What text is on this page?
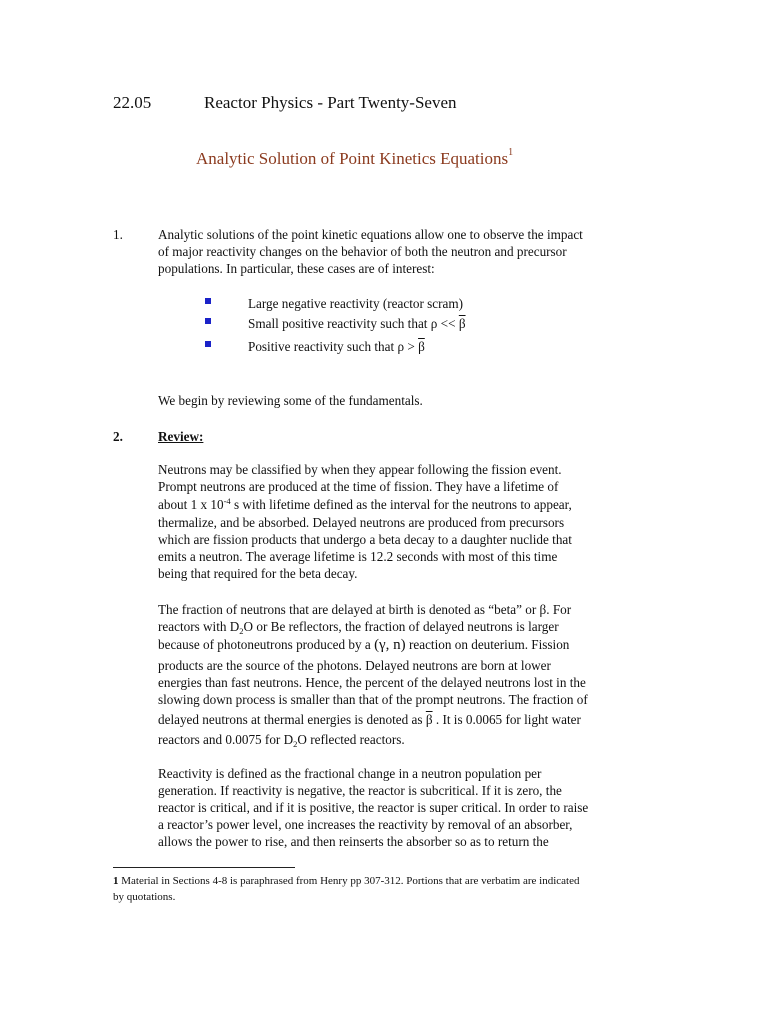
22.05	Reactor Physics - Part Twenty-Seven
Analytic Solution of Point Kinetics Equations$^1$
1.	Analytic solutions of the point kinetic equations allow one to observe the impact
of major reactivity changes on the behavior of both the neutron and precursor
populations. In particular, these cases are of interest:
Large negative reactivity (reactor scram)
Small positive reactivity such that $\rho << \overline{\beta}$
Positive reactivity such that $\rho > \overline{\beta}$
We begin by reviewing some of the fundamentals.
2.	Review:
Neutrons may be classified by when they appear following the fission event.
Prompt neutrons are produced at the time of fission. They have a lifetime of
about 1 x $10^{-4}$ s with lifetime defined as the interval for the neutrons to appear,
thermalize, and be absorbed. Delayed neutrons are produced from precursors
which are fission products that undergo a beta decay to a daughter nuclide that
emits a neutron. The average lifetime is 12.2 seconds with most of this time
being that required for the beta decay.
The fraction of neutrons that are delayed at birth is denoted as “beta” or β. For
reactors with $D_2O$ or Be reflectors, the fraction of delayed neutrons is larger
because of photoneutrons produced by a (γ, n) reaction on deuterium. Fission
products are the source of the photons. Delayed neutrons are born at lower
energies than fast neutrons. Hence, the percent of the delayed neutrons lost in the
slowing down process is smaller than that of the prompt neutrons. The fraction of
delayed neutrons at thermal energies is denoted as $\overline{\beta}$ . It is 0.0065 for light water
reactors and 0.0075 for $D_2O$ reflected reactors.
Reactivity is defined as the fractional change in a neutron population per
generation. If reactivity is negative, the reactor is subcritical. If it is zero, the
reactor is critical, and if it is positive, the reactor is super critical. In order to raise
a reactor’s power level, one increases the reactivity by removal of an absorber,
allows the power to rise, and then reinserts the absorber so as to return the
1 Material in Sections 4-8 is paraphrased from Henry pp 307-312. Portions that are verbatim are indicated
by quotations.
